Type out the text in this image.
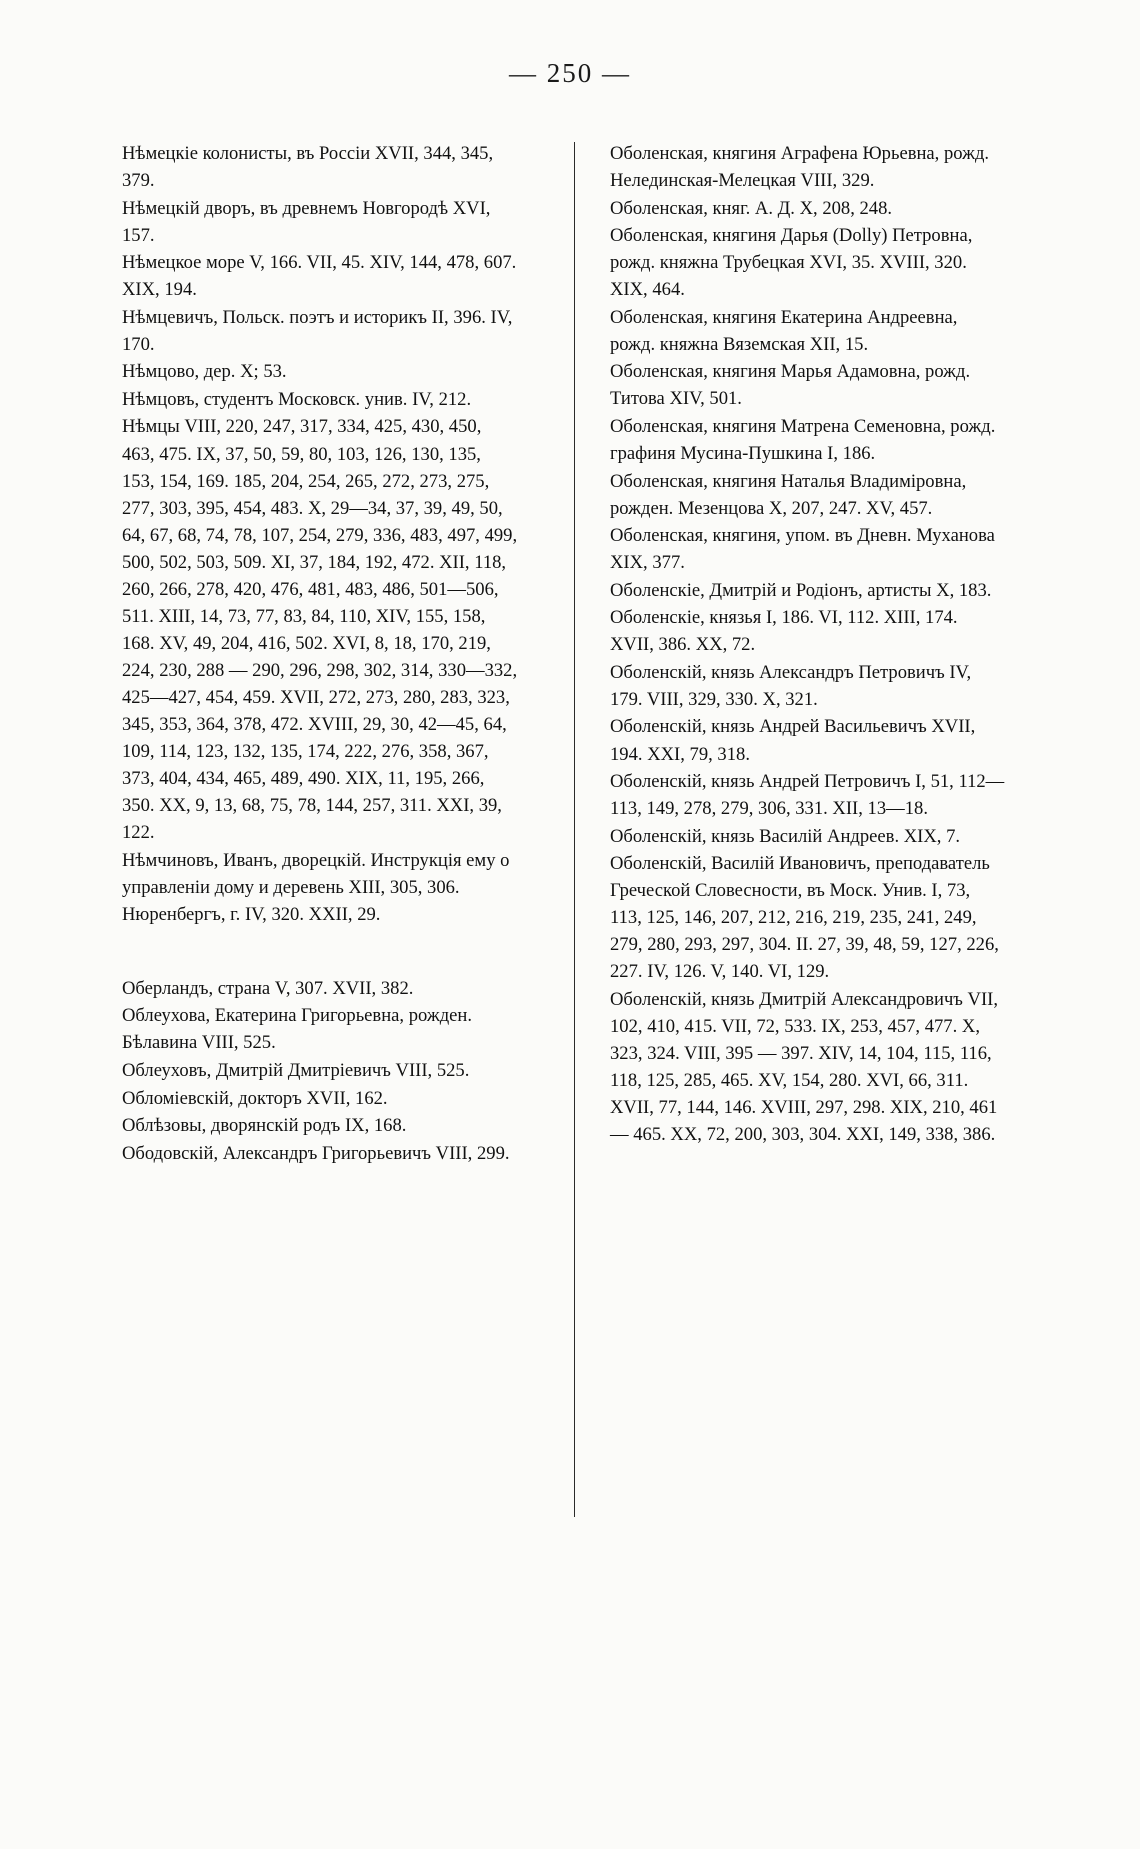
— 250 —
Нѣмецкіе колонисты, въ Россіи XVII, 344, 345, 379.
Нѣмецкій дворъ, въ древнемъ Новгородѣ XVI, 157.
Нѣмецкое море V, 166. VII, 45. XIV, 144, 478, 607. XIX, 194.
Нѣмцевичъ, Польск. поэтъ и историкъ II, 396. IV, 170.
Нѣмцово, дер. X; 53.
Нѣмцовъ, студентъ Московск. унив. IV, 212.
Нѣмцы VIII, 220, 247, 317, 334, 425, 430, 450, 463, 475. IX, 37, 50, 59, 80, 103, 126, 130, 135, 153, 154, 169. 185, 204, 254, 265, 272, 273, 275, 277, 303, 395, 454, 483. X, 29—34, 37, 39, 49, 50, 64, 67, 68, 74, 78, 107, 254, 279, 336, 483, 497, 499, 500, 502, 503, 509. XI, 37, 184, 192, 472. XII, 118, 260, 266, 278, 420, 476, 481, 483, 486, 501—506, 511. XIII, 14, 73, 77, 83, 84, 110, XIV, 155, 158, 168. XV, 49, 204, 416, 502. XVI, 8, 18, 170, 219, 224, 230, 288 — 290, 296, 298, 302, 314, 330—332, 425—427, 454, 459. XVII, 272, 273, 280, 283, 323, 345, 353, 364, 378, 472. XVIII, 29, 30, 42—45, 64, 109, 114, 123, 132, 135, 174, 222, 276, 358, 367, 373, 404, 434, 465, 489, 490. XIX, 11, 195, 266, 350. XX, 9, 13, 68, 75, 78, 144, 257, 311. XXI, 39, 122.
Нѣмчиновъ, Иванъ, дворецкій. Инструкція ему о управленіи дому и деревень XIII, 305, 306.
Нюренбергъ, г. IV, 320. XXII, 29.
Оберландъ, страна V, 307. XVII, 382.
Облеухова, Екатерина Григорьевна, рожден. Бѣлавина VIII, 525.
Облеуховъ, Дмитрій Дмитріевичъ VIII, 525.
Обломіевскій, докторъ XVII, 162.
Облѣзовы, дворянскій родъ IX, 168.
Ободовскій, Александръ Григорьевичъ VIII, 299.
Оболенская, княгиня Аграфена Юрьевна, рожд. Нелединская-Мелецкая VIII, 329.
Оболенская, княг. А. Д. X, 208, 248.
Оболенская, княгиня Дарья (Dolly) Петровна, рожд. княжна Трубецкая XVI, 35. XVIII, 320. XIX, 464.
Оболенская, княгиня Екатерина Андреевна, рожд. княжна Вяземская XII, 15.
Оболенская, княгиня Марья Адамовна, рожд. Титова XIV, 501.
Оболенская, княгиня Матрена Семеновна, рожд. графиня Мусина-Пушкина I, 186.
Оболенская, княгиня Наталья Владиміровна, рожден. Мезенцова X, 207, 247. XV, 457.
Оболенская, княгиня, упом. въ Дневн. Муханова XIX, 377.
Оболенскіе, Дмитрій и Родіонъ, артисты X, 183.
Оболенскіе, князья I, 186. VI, 112. XIII, 174. XVII, 386. XX, 72.
Оболенскій, князь Александръ Петровичъ IV, 179. VIII, 329, 330. X, 321.
Оболенскій, князь Андрей Васильевичъ XVII, 194. XXI, 79, 318.
Оболенскій, князь Андрей Петровичъ I, 51, 112—113, 149, 278, 279, 306, 331. XII, 13—18.
Оболенскій, князь Василій Андреев. XIX, 7.
Оболенскій, Василій Ивановичъ, преподаватель Греческой Словесности, въ Моск. Унив. I, 73, 113, 125, 146, 207, 212, 216, 219, 235, 241, 249, 279, 280, 293, 297, 304. II. 27, 39, 48, 59, 127, 226, 227. IV, 126. V, 140. VI, 129.
Оболенскій, князь Дмитрій Александровичъ VII, 102, 410, 415. VII, 72, 533. IX, 253, 457, 477. X, 323, 324. VIII, 395 — 397. XIV, 14, 104, 115, 116, 118, 125, 285, 465. XV, 154, 280. XVI, 66, 311. XVII, 77, 144, 146. XVIII, 297, 298. XIX, 210, 461 — 465. XX, 72, 200, 303, 304. XXI, 149, 338, 386.
